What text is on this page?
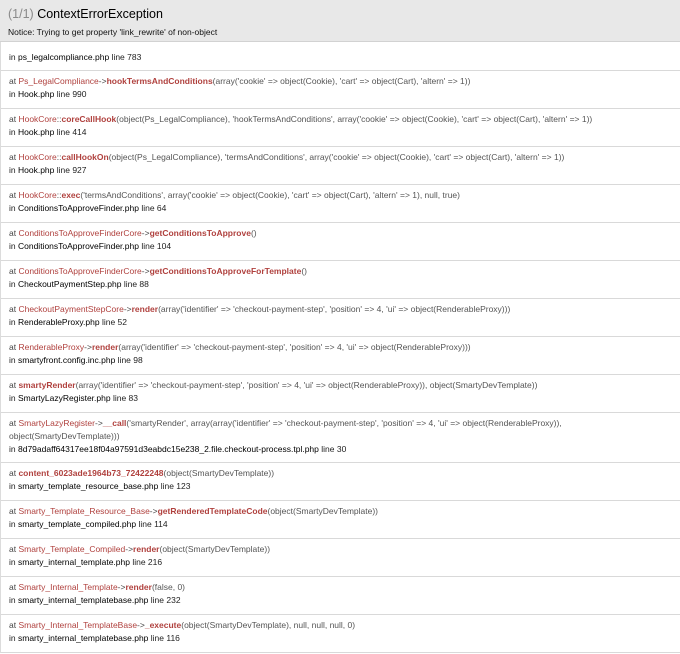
(1/1) ContextErrorException
Notice: Trying to get property 'link_rewrite' of non-object
in ps_legalcompliance.php line 783
at Ps_LegalCompliance->hookTermsAndConditions(array('cookie' => object(Cookie), 'cart' => object(Cart), 'altern' => 1))
in Hook.php line 990
at HookCore::coreCallHook(object(Ps_LegalCompliance), 'hookTermsAndConditions', array('cookie' => object(Cookie), 'cart' => object(Cart), 'altern' => 1))
in Hook.php line 414
at HookCore::callHookOn(object(Ps_LegalCompliance), 'termsAndConditions', array('cookie' => object(Cookie), 'cart' => object(Cart), 'altern' => 1))
in Hook.php line 927
at HookCore::exec('termsAndConditions', array('cookie' => object(Cookie), 'cart' => object(Cart), 'altern' => 1), null, true)
in ConditionsToApproveFinder.php line 64
at ConditionsToApproveFinderCore->getConditionsToApprove()
in ConditionsToApproveFinder.php line 104
at ConditionsToApproveFinderCore->getConditionsToApproveForTemplate()
in CheckoutPaymentStep.php line 88
at CheckoutPaymentStepCore->render(array('identifier' => 'checkout-payment-step', 'position' => 4, 'ui' => object(RenderableProxy)))
in RenderableProxy.php line 52
at RenderableProxy->render(array('identifier' => 'checkout-payment-step', 'position' => 4, 'ui' => object(RenderableProxy)))
in smartyfront.config.inc.php line 98
at smartyRender(array('identifier' => 'checkout-payment-step', 'position' => 4, 'ui' => object(RenderableProxy)), object(SmartyDevTemplate))
in SmartyLazyRegister.php line 83
at SmartyLazyRegister->__call('smartyRender', array(array('identifier' => 'checkout-payment-step', 'position' => 4, 'ui' => object(RenderableProxy)), object(SmartyDevTemplate)))
in 8d79adaff64317ee18f04a97591d3eabdc15e238_2.file.checkout-process.tpl.php line 30
at content_6023ade1964b73_72422248(object(SmartyDevTemplate))
in smarty_template_resource_base.php line 123
at Smarty_Template_Resource_Base->getRenderedTemplateCode(object(SmartyDevTemplate))
in smarty_template_compiled.php line 114
at Smarty_Template_Compiled->render(object(SmartyDevTemplate))
in smarty_internal_template.php line 216
at Smarty_Internal_Template->render(false, 0)
in smarty_internal_templatebase.php line 232
at Smarty_Internal_TemplateBase->_execute(object(SmartyDevTemplate), null, null, null, 0)
in smarty_internal_templatebase.php line 116
